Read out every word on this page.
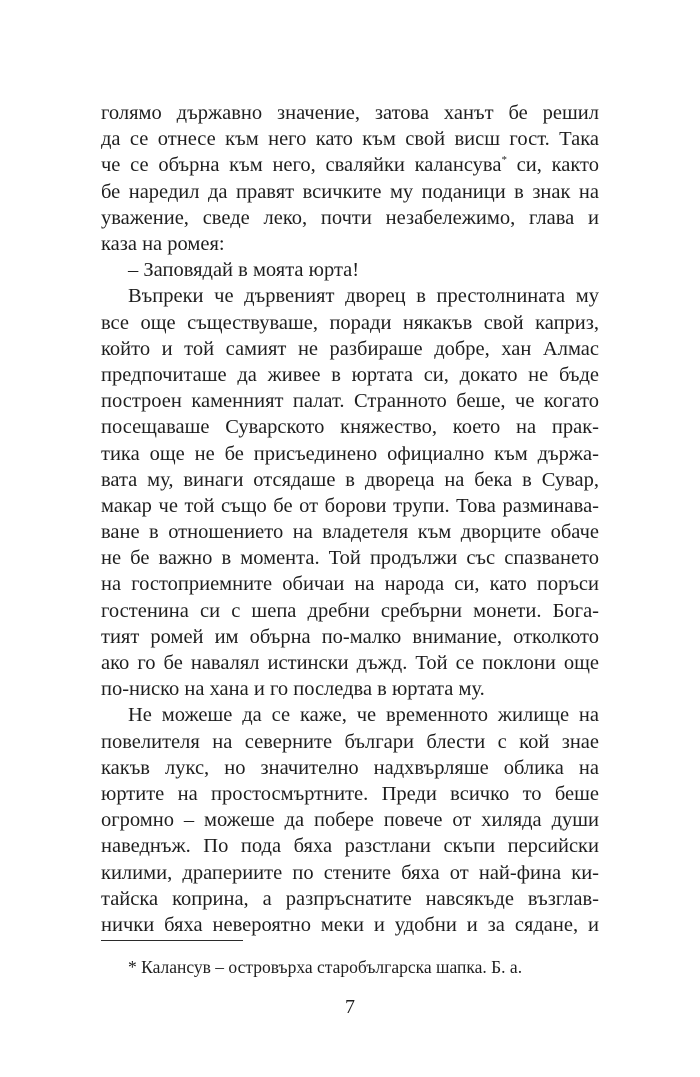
голямо държавно значение, затова ханът бе решил
да се отнесе към него като към свой висш гост. Така
че се обърна към него, сваляйки калансува* си, както
бе наредил да правят всичките му поданици в знак на
уважение, сведе леко, почти незабележимо, глава и
каза на ромея:
– Заповядай в моята юрта!
Въпреки че дървеният дворец в престолнината му
все още съществуваше, поради някакъв свой каприз,
който и той самият не разбираше добре, хан Алмас
предпочиташе да живее в юртата си, докато не бъде
построен каменният палат. Странното беше, че когато
посещаваше Суварското княжество, което на прак-
тика още не бе присъединено официално към държа-
вата му, винаги отсядаше в двореца на бека в Сувар,
макар че той също бе от борови трупи. Това разминава-
ване в отношението на владетеля към дворците обаче
не бе важно в момента. Той продължи със спазването
на гостоприемните обичаи на народа си, като поръси
гостенина си с шепа дребни сребърни монети. Бога-
тият ромей им обърна по-малко внимание, отколкото
ако го бе навалял истински дъжд. Той се поклони още
по-ниско на хана и го последва в юртата му.
Не можеше да се каже, че временното жилище на
повелителя на северните българи блести с кой знае
какъв лукс, но значително надхвърляше облика на
юртите на простосмъртните. Преди всичко то беше
огромно – можеше да побере повече от хиляда души
наведнъж. По пода бяха разстлани скъпи персийски
килими, драпериите по стените бяха от най-фина ки-
тайска коприна, а разпръснатите навсякъде възглав-
нички бяха невероятно меки и удобни и за сядане, и
* Калансув – островърха старобългарска шапка. Б. а.
7
